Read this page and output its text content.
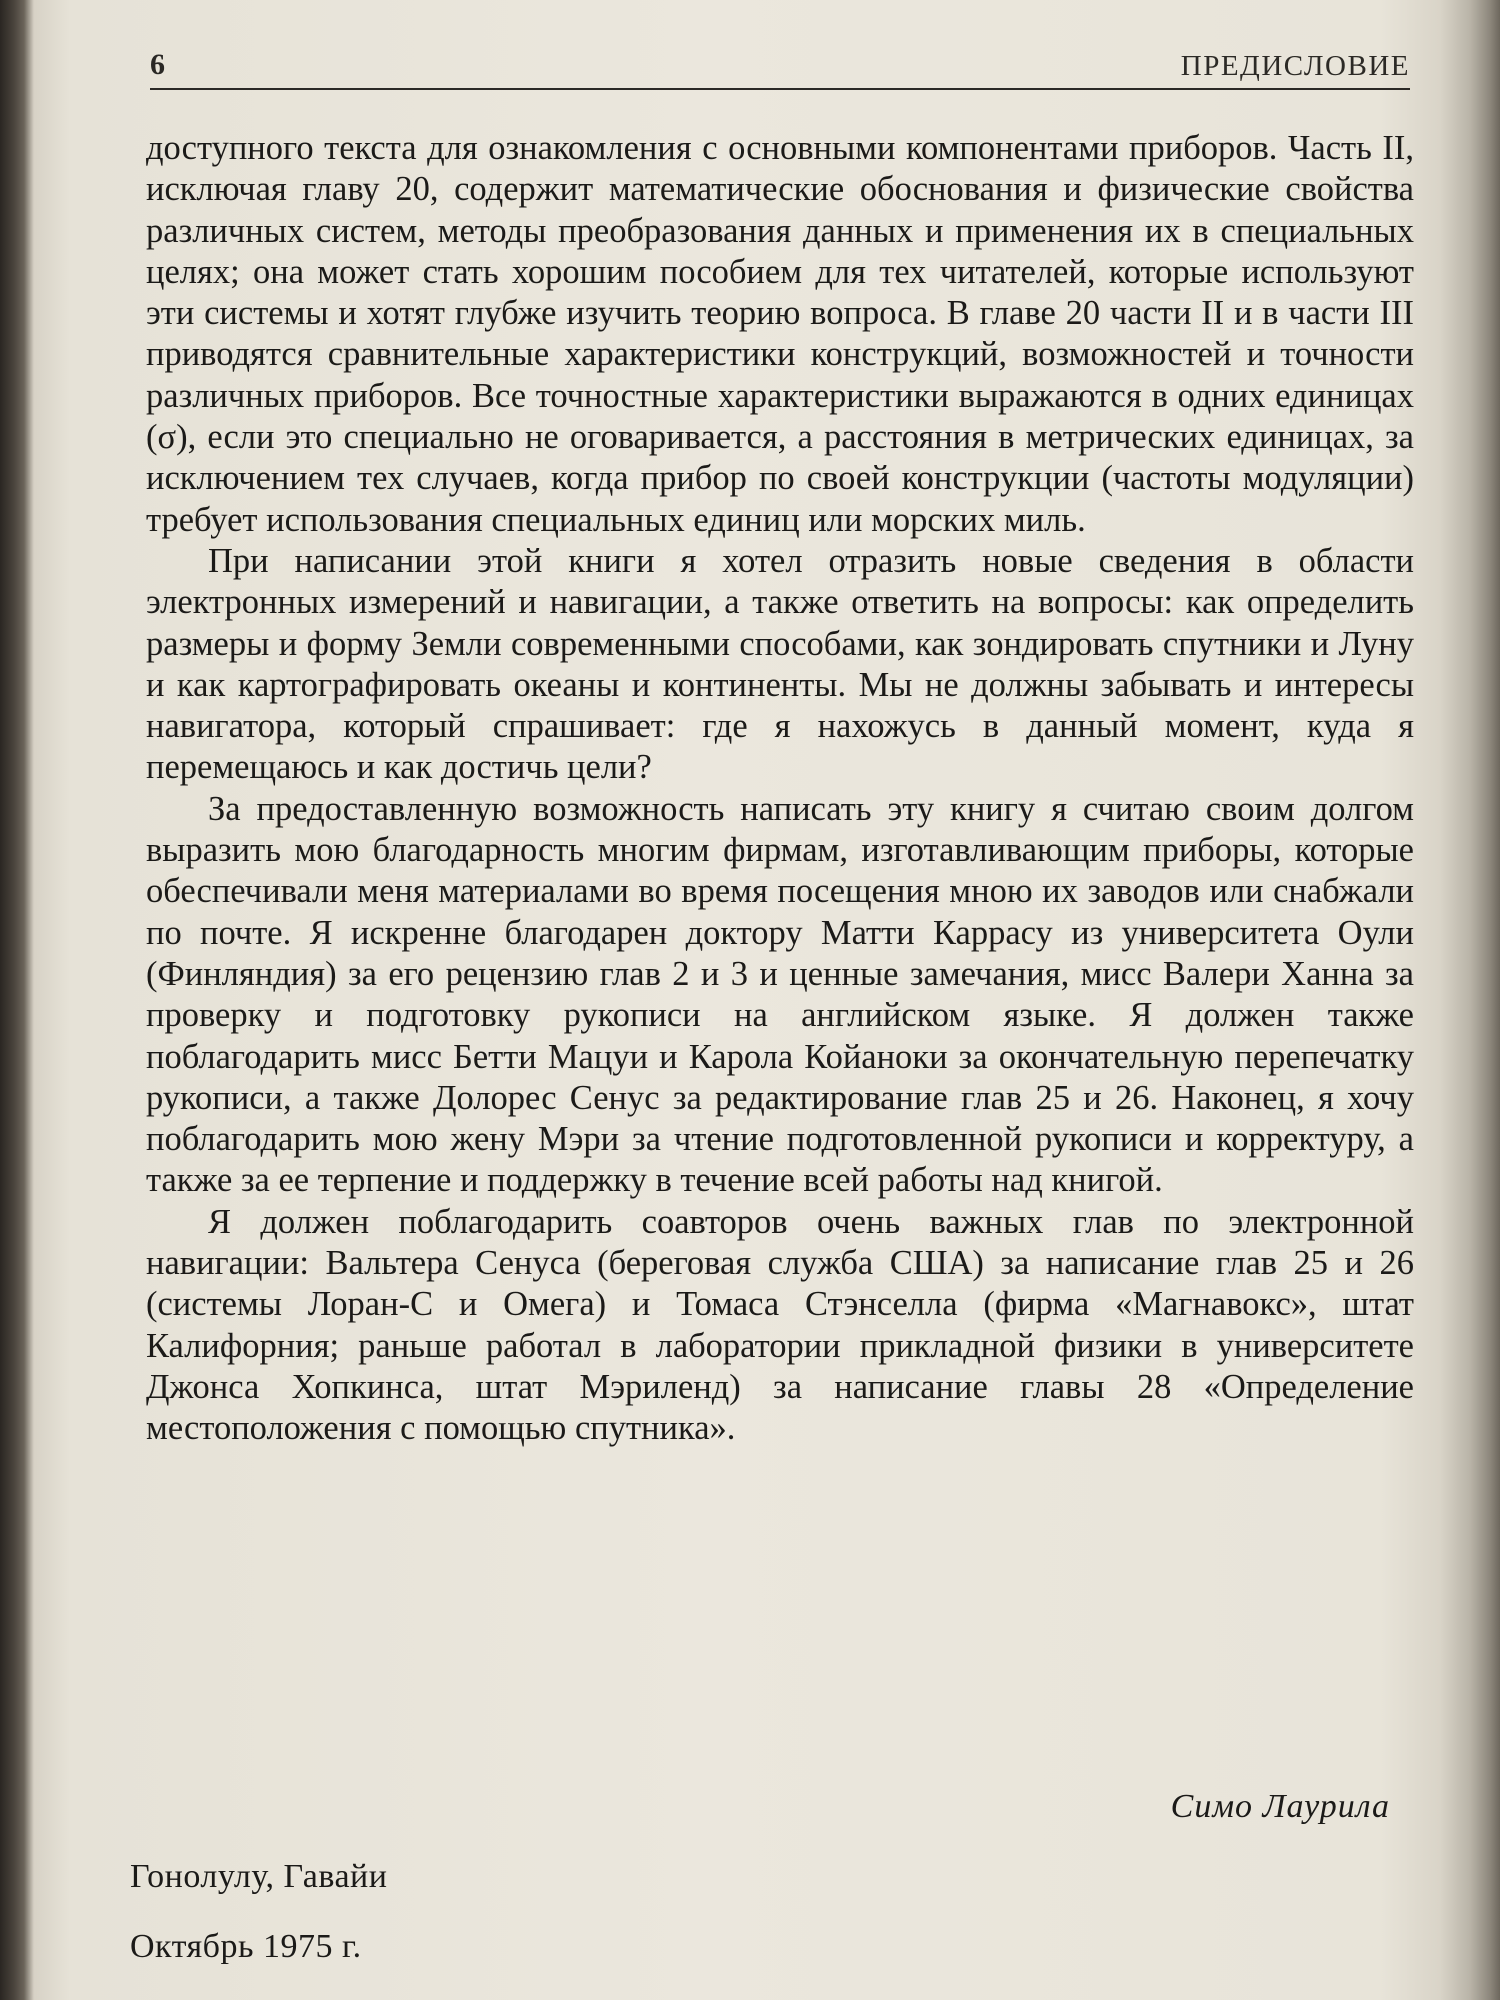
6	ПРЕДИСЛОВИЕ

доступного текста для ознакомления с основными компонентами приборов. Часть II, исключая главу 20, содержит математические обоснования и физические свойства различных систем, методы преобразования данных и применения их в специальных целях; она может стать хорошим пособием для тех читателей, которые используют эти системы и хотят глубже изучить теорию вопроса. В главе 20 части II и в части III приводятся сравнительные характеристики конструкций, возможностей и точности различных приборов. Все точностные характеристики выражаются в одних единицах (σ), если это специально не оговаривается, а расстояния в метрических единицах, за исключением тех случаев, когда прибор по своей конструкции (частоты модуляции) требует использования специальных единиц или морских миль.

При написании этой книги я хотел отразить новые сведения в области электронных измерений и навигации, а также ответить на вопросы: как определить размеры и форму Земли современными способами, как зондировать спутники и Луну и как картографировать океаны и континенты. Мы не должны забывать и интересы навигатора, который спрашивает: где я нахожусь в данный момент, куда я перемещаюсь и как достичь цели?

За предоставленную возможность написать эту книгу я считаю своим долгом выразить мою благодарность многим фирмам, изготавливающим приборы, которые обеспечивали меня материалами во время посещения мною их заводов или снабжали по почте. Я искренне благодарен доктору Матти Каррасу из университета Оули (Финляндия) за его рецензию глав 2 и 3 и ценные замечания, мисс Валери Ханна за проверку и подготовку рукописи на английском языке. Я должен также поблагодарить мисс Бетти Мацуи и Карола Койаноки за окончательную перепечатку рукописи, а также Долорес Сенус за редактирование глав 25 и 26. Наконец, я хочу поблагодарить мою жену Мэри за чтение подготовленной рукописи и корректуру, а также за ее терпение и поддержку в течение всей работы над книгой.

Я должен поблагодарить соавторов очень важных глав по электронной навигации: Вальтера Сенуса (береговая служба США) за написание глав 25 и 26 (системы Лоран-С и Омега) и Томаса Стэнселла (фирма «Магнавокс», штат Калифорния; раньше работал в лаборатории прикладной физики в университете Джонса Хопкинса, штат Мэриленд) за написание главы 28 «Определение местоположения с помощью спутника».

Симо Лаурила
Гонолулу, Гавайи
Октябрь 1975 г.
